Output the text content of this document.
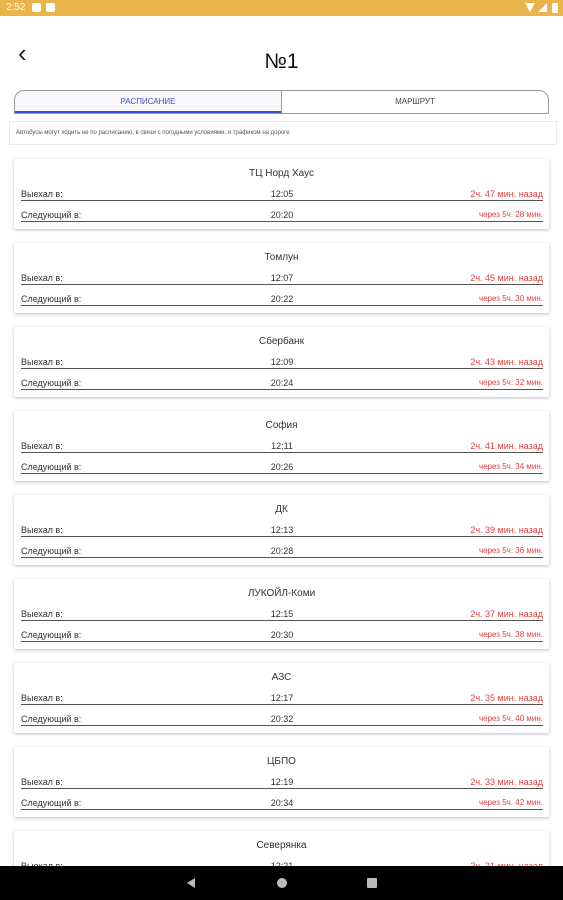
2:52
‹	№1
РАСПИСАНИЕ	МАРШРУТ
Автобусы могут ходить не по расписанию, в связи с погодными условиями, и трафиком на дороге
ТЦ Норд Хаус
Выехал в:	12:05	2ч. 47 мин. назад
Следующий в:	20:20	через 5ч. 28 мин.
Томлун
Выехал в:	12:07	2ч. 45 мин. назад
Следующий в:	20:22	через 5ч. 30 мин.
Сбербанк
Выехал в:	12:09	2ч. 43 мин. назад
Следующий в:	20:24	через 5ч. 32 мин.
София
Выехал в:	12:11	2ч. 41 мин. назад
Следующий в:	20:26	через 5ч. 34 мин.
ДК
Выехал в:	12:13	2ч. 39 мин. назад
Следующий в:	20:28	через 5ч. 36 мин.
ЛУКОЙЛ-Коми
Выехал в:	12:15	2ч. 37 мин. назад
Следующий в:	20:30	через 5ч. 38 мин.
АЗС
Выехал в:	12:17	2ч. 35 мин. назад
Следующий в:	20:32	через 5ч. 40 мин.
ЦБПО
Выехал в:	12:19	2ч. 33 мин. назад
Следующий в:	20:34	через 5ч. 42 мин.
Северянка
